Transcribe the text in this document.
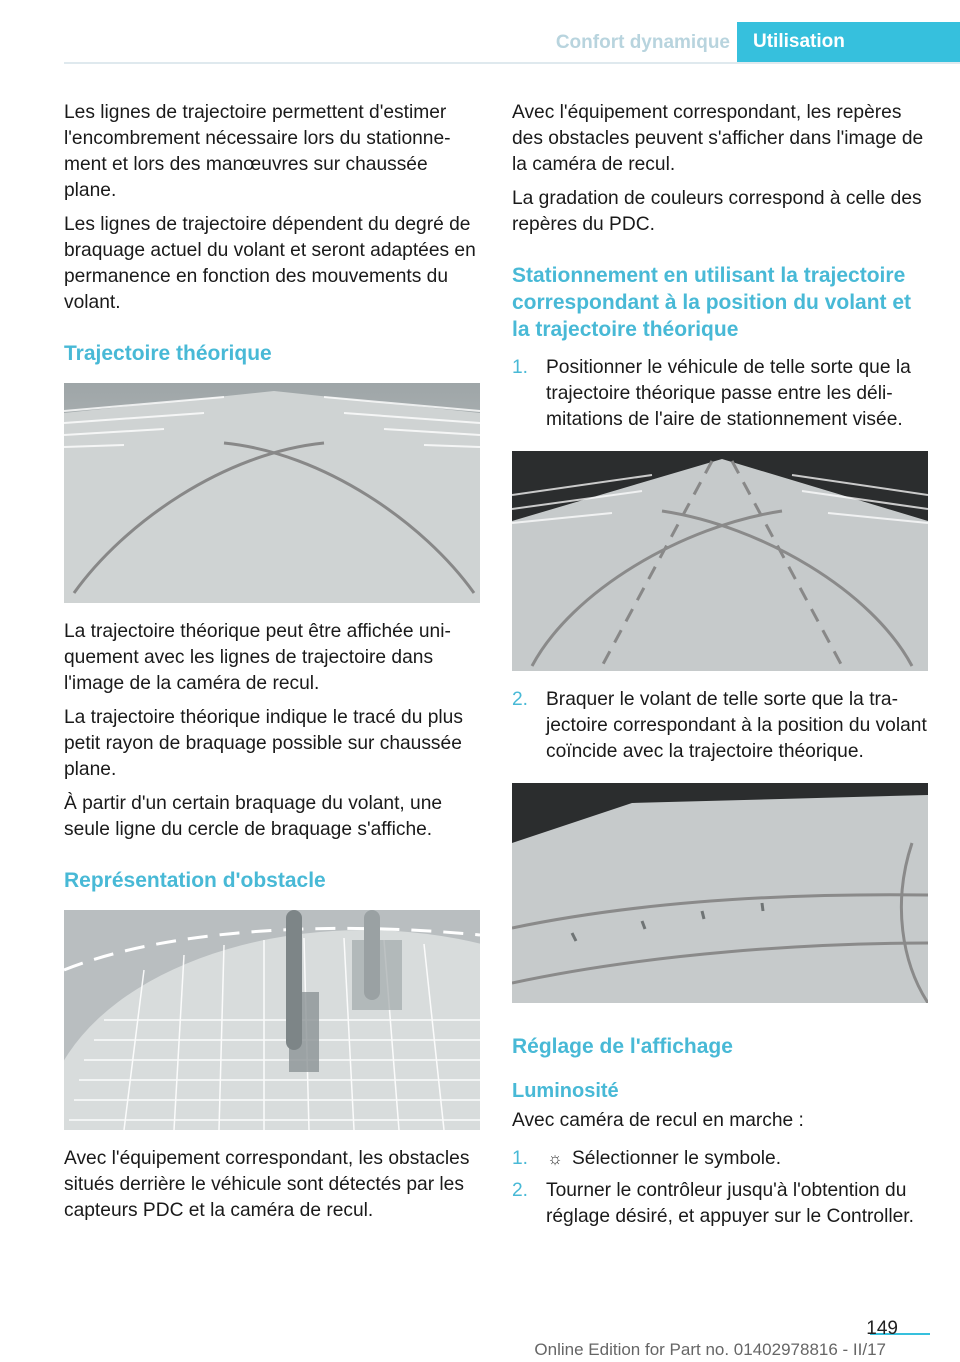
Confort dynamique Utilisation

Les lignes de trajectoire permettent d'estimer l'encombrement nécessaire lors du stationnement et lors des manœuvres sur chaussée plane.

Les lignes de trajectoire dépendent du degré de braquage actuel du volant et seront adaptées en permanence en fonction des mouvements du volant.

Trajectoire théorique

La trajectoire théorique peut être affichée uniquement avec les lignes de trajectoire dans l'image de la caméra de recul.

La trajectoire théorique indique le tracé du plus petit rayon de braquage possible sur chaussée plane.

À partir d'un certain braquage du volant, une seule ligne du cercle de braquage s'affiche.

Représentation d'obstacle

Avec l'équipement correspondant, les obstacles situés derrière le véhicule sont détectés par les capteurs PDC et la caméra de recul.

Avec l'équipement correspondant, les repères des obstacles peuvent s'afficher dans l'image de la caméra de recul.

La gradation de couleurs correspond à celle des repères du PDC.

Stationnement en utilisant la trajectoire correspondant à la position du volant et la trajectoire théorique
1. Positionner le véhicule de telle sorte que la trajectoire théorique passe entre les délimitations de l'aire de stationnement visée.
2. Braquer le volant de telle sorte que la trajectoire correspondant à la position du volant coïncide avec la trajectoire théorique.
Réglage de l'affichage
Luminosité

Avec caméra de recul en marche :

1. ☼ Sélectionner le symbole.
2. Tourner le contrôleur jusqu'à l'obtention du réglage désiré, et appuyer sur le Controller.
149
Online Edition for Part no. 01402978816 - II/17
